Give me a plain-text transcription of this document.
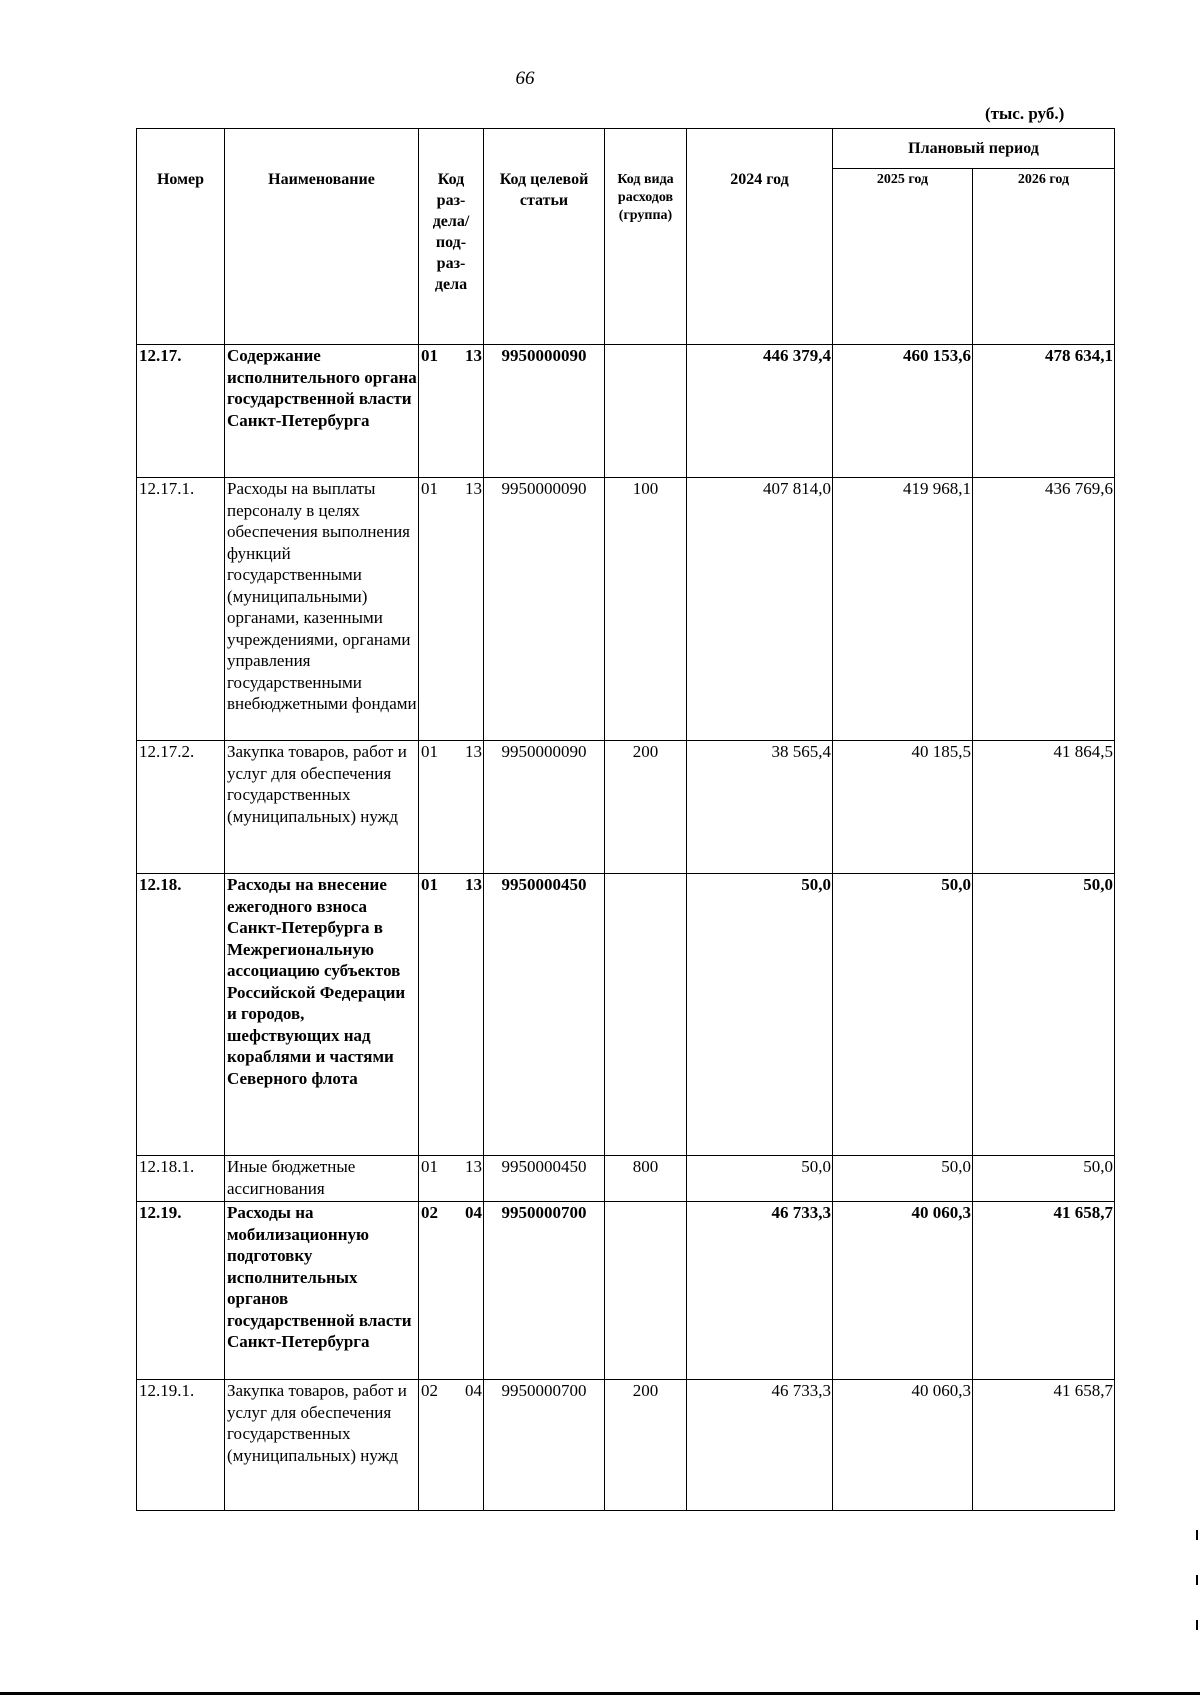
66
(тыс. руб.)
Номер	Наименование	Код раз-дела/ под-раз-дела	Код целевой статьи	Код вида расходов (группа)	2024 год	Плановый период	
						2025 год	2026 год
12.17.	Содержание исполнительного органа государственной власти Санкт-Петербурга	01 13	9950000090		446 379,4	460 153,6	478 634,1
12.17.1.	Расходы на выплаты персоналу в целях обеспечения выполнения функций государственными (муниципальными) органами, казенными учреждениями, органами управления государственными внебюджетными фондами	01 13	9950000090	100	407 814,0	419 968,1	436 769,6
12.17.2.	Закупка товаров, работ и услуг для обеспечения государственных (муниципальных) нужд	01 13	9950000090	200	38 565,4	40 185,5	41 864,5
12.18.	Расходы на внесение ежегодного взноса Санкт-Петербурга в Межрегиональную ассоциацию субъектов Российской Федерации и городов, шефствующих над кораблями и частями Северного флота	01 13	9950000450		50,0	50,0	50,0
12.18.1.	Иные бюджетные ассигнования	01 13	9950000450	800	50,0	50,0	50,0
12.19.	Расходы на мобилизационную подготовку исполнительных органов государственной власти Санкт-Петербурга	02 04	9950000700		46 733,3	40 060,3	41 658,7
12.19.1.	Закупка товаров, работ и услуг для обеспечения государственных (муниципальных) нужд	02 04	9950000700	200	46 733,3	40 060,3	41 658,7
